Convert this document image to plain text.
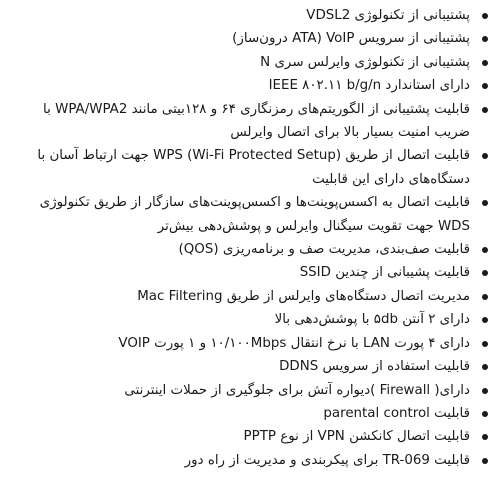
پشتیبانی از تکنولوژی VDSL2
پشتیبانی از سرویس VoIP (ATA درون‌ساز)
پشتیبانی از تکنولوژی وایرلس سری N
دارای استاندارد IEEE ۸۰۲.۱۱ b/g/n
قابلیت پشتیبانی از الگوریتم‌های رمزنگاری ۶۴ و ۱۲۸بیتی مانند WPA/WPA2 با ضریب امنیت بسیار بالا برای اتصال وایرلس
قابلیت اتصال از طریق WPS (Wi-Fi Protected Setup) جهت ارتباط آسان با دستگاه‌های دارای این قابلیت
قابلیت اتصال به اکسس‌پوینت‌ها و اکسس‌پوینت‌های سازگار از طریق تکنولوژی WDS جهت تقویت سیگنال وایرلس و پوشش‌دهی بیش‌تر
قابلیت صف‌بندی، مدیریت صف و برنامه‌ریزی (QOS)
قابلیت پشیبانی از چندین SSID
مدیریت اتصال دستگاه‌های وایرلس از طریق Mac Filtering
دارای ۲ آنتن ۵db با پوشش‌دهی بالا
دارای ۴ پورت LAN با نرخ انتقال ۱۰/۱۰۰Mbps و ۱ پورت VOIP
قابلیت استفاده از سرویس DDNS
دارای( Firewall )دیواره آتش برای جلوگیری از حملات اینترنتی
قابلیت parental control
قابلیت اتصال کانکشن VPN از نوع PPTP
قابلیت TR-069 برای پیکربندی و مدیریت از راه دور
